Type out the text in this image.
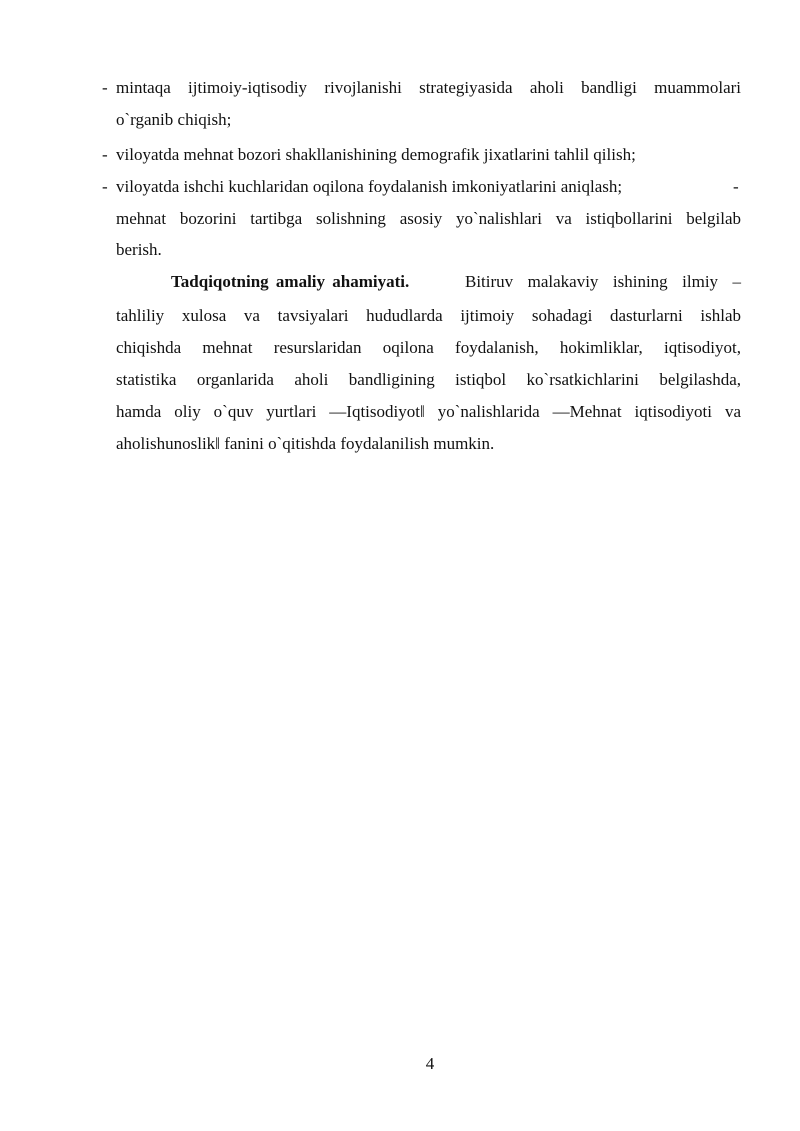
- mintaqa ijtimoiy-iqtisodiy rivojlanishi strategiyasida aholi bandligi muammolari
o`rganib chiqish;
- viloyatda mehnat bozori shakllanishining demografik jixatlarini tahlil qilish;
- viloyatda ishchi kuchlaridan oqilona foydalanish imkoniyatlarini aniqlash;	-
mehnat bozorini tartibga solishning asosiy yo`nalishlari va istiqbollarini belgilab
berish.
Tadqiqotning amaliy ahamiyati.	Bitiruv malakaviy ishining ilmiy –
tahliliy xulosa va tavsiyalari hududlarda ijtimoiy sohadagi dasturlarni ishlab
chiqishda mehnat resurslaridan oqilona foydalanish, hokimliklar, iqtisodiyot,
statistika organlarida aholi bandligining istiqbol ko`rsatkichlarini belgilashda,
hamda oliy o`quv yurtlari ―Iqtisodiyot‖ yo`nalishlarida ―Mehnat iqtisodiyoti va
aholishunoslik‖ fanini o`qitishda foydalanilish mumkin.
4
